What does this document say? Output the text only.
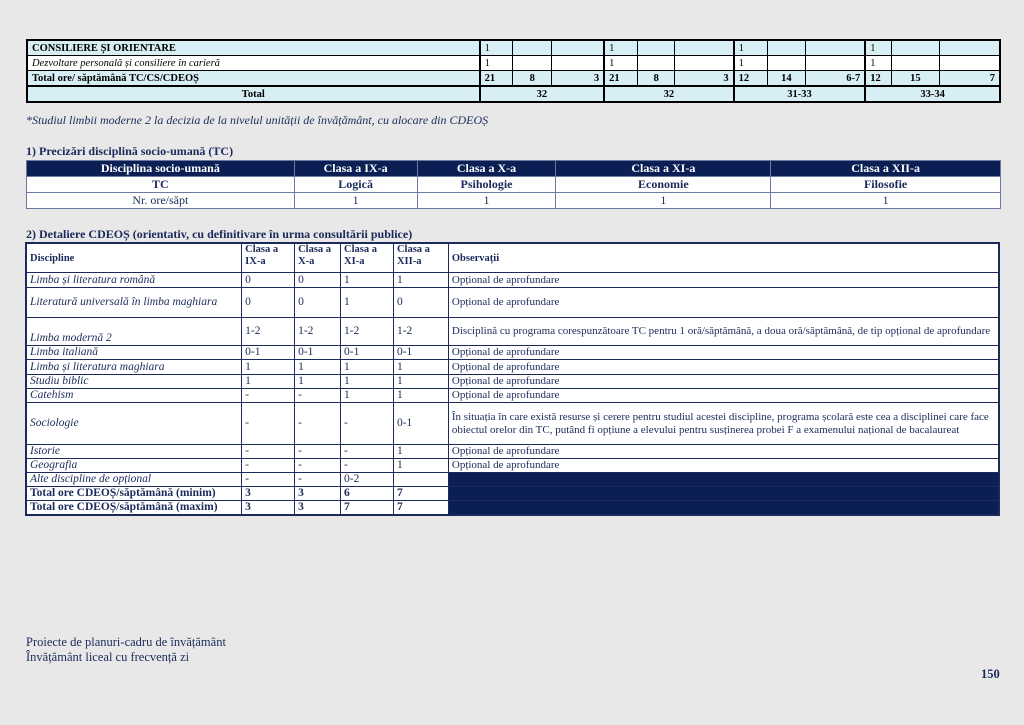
CONSILIERE ȘI ORIENTARE	1			1			1			1		
Dezvoltare personală și consiliere în carieră	1			1			1			1		
Total ore/ săptămână TC/CS/CDEOȘ	21	8	3	21	8	3	12	14	6-7	12	15	7
Total	32			32			31-33			33-34		
*Studiul limbii moderne 2 la decizia de la nivelul unității de învățământ, cu alocare din CDEOȘ
1) Precizări disciplină socio-umană (TC)
Disciplina socio-umană	Clasa a IX-a	Clasa a X-a	Clasa a XI-a	Clasa a XII-a
TC	Logică	Psihologie	Economie	Filosofie
Nr. ore/săpt	1	1	1	1
2) Detaliere CDEOȘ (orientativ, cu definitivare în urma consultării publice)
Discipline	Clasa a IX-a	Clasa a X-a	Clasa a XI-a	Clasa a XII-a	Observații
Limba și literatura română	0	0	1	1	Opțional de aprofundare
Literatură universală în limba maghiara	0	0	1	0	Opțional de aprofundare
Limba modernă 2	1-2	1-2	1-2	1-2	Disciplină cu programa corespunzătoare TC pentru 1 oră/săptămână, a doua oră/săptămână, de tip opțional de aprofundare
Limba italiană	0-1	0-1	0-1	0-1	Opțional de aprofundare
Limba și literatura maghiara	1	1	1	1	Opțional de aprofundare
Studiu biblic	1	1	1	1	Opțional de aprofundare
Catehism	-	-	1	1	Opțional de aprofundare
Sociologie	-	-	-	0-1	În situația în care există resurse și cerere pentru studiul acestei discipline, programa școlară este cea a disciplinei care face obiectul orelor din TC, putând fi opțiune a elevului pentru susținerea probei F a examenului național de bacalaureat
Istorie	-	-	-	1	Opțional de aprofundare
Geografia	-	-	-	1	Opțional de aprofundare
Alte discipline de opțional	-	-	0-2		
Total ore CDEOȘ/săptămână (minim)	3	3	6	7	
Total ore CDEOȘ/săptămână (maxim)	3	3	7	7	
Proiecte de planuri-cadru de învățământ
Învățământ liceal cu frecvență zi
150
